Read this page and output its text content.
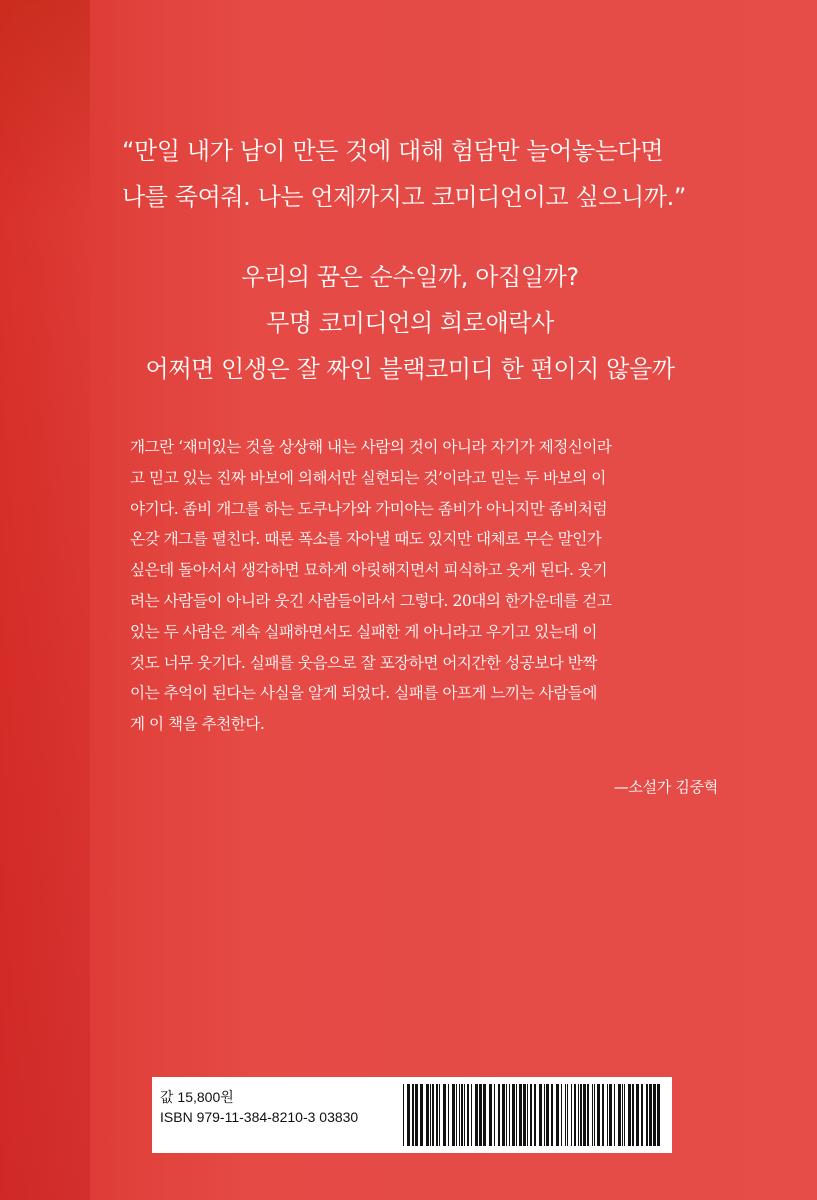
“만일 내가 남이 만든 것에 대해 험담만 늘어놓는다면
나를 죽여줘. 나는 언제까지고 코미디언이고 싶으니까.”
우리의 꿈은 순수일까, 아집일까?
무명 코미디언의 희로애락사
어쩌면 인생은 잘 짜인 블랙코미디 한 편이지 않을까
개그란 ‘재미있는 것을 상상해 내는 사람의 것이 아니라 자기가 제정신이라
고 믿고 있는 진짜 바보에 의해서만 실현되는 것’이라고 믿는 두 바보의 이
야기다. 좀비 개그를 하는 도쿠나가와 가미야는 좀비가 아니지만 좀비처럼
온갖 개그를 펼친다. 때론 폭소를 자아낼 때도 있지만 대체로 무슨 말인가
싶은데 돌아서서 생각하면 묘하게 아릿해지면서 피식하고 웃게 된다. 웃기
려는 사람들이 아니라 웃긴 사람들이라서 그렇다. 20대의 한가운데를 걷고
있는 두 사람은 계속 실패하면서도 실패한 게 아니라고 우기고 있는데 이
것도 너무 웃기다. 실패를 웃음으로 잘 포장하면 어지간한 성공보다 반짝
이는 추억이 된다는 사실을 알게 되었다. 실패를 아프게 느끼는 사람들에
게 이 책을 추천한다.
—소설가 김중혁
값 15,800원
ISBN 979-11-384-8210-3 03830
